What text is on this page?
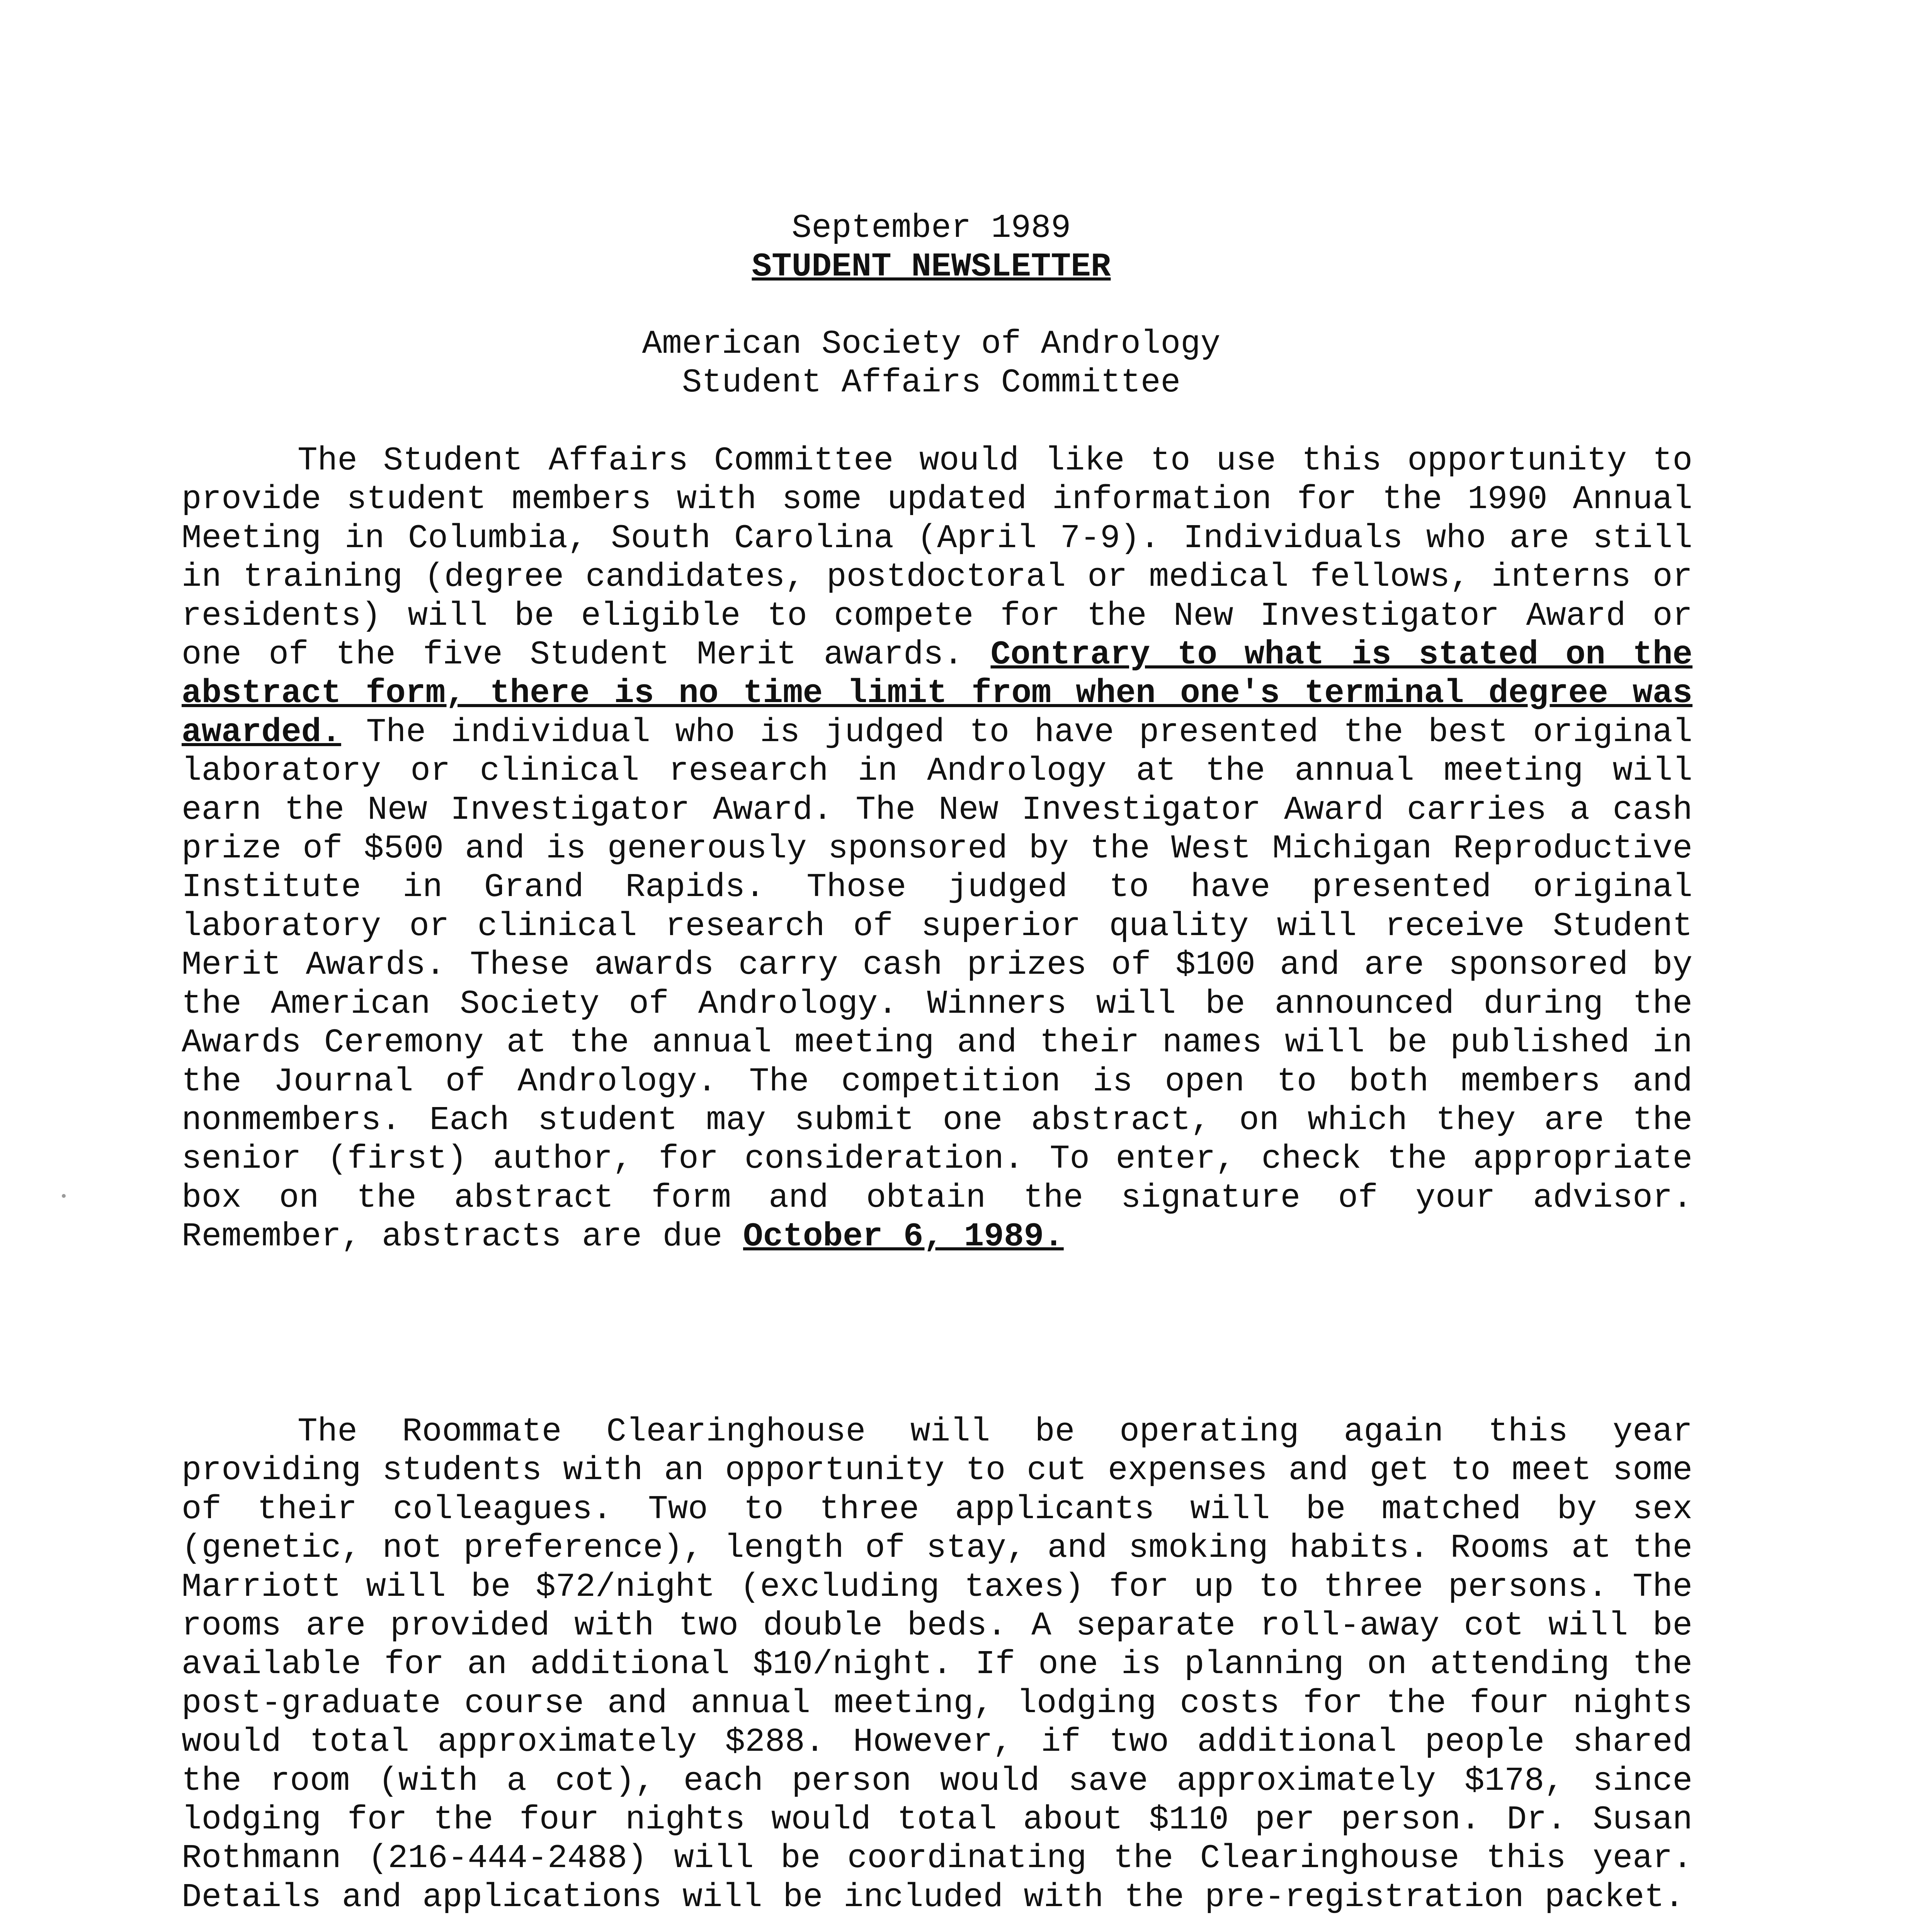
September 1989
STUDENT NEWSLETTER
American Society of Andrology
Student Affairs Committee
The Student Affairs Committee would like to use this opportunity to provide student members with some updated information for the 1990 Annual Meeting in Columbia, South Carolina (April 7-9). Individuals who are still in training (degree candidates, postdoctoral or medical fellows, interns or residents) will be eligible to compete for the New Investigator Award or one of the five Student Merit awards. Contrary to what is stated on the abstract form, there is no time limit from when one's terminal degree was awarded. The individual who is judged to have presented the best original laboratory or clinical research in Andrology at the annual meeting will earn the New Investigator Award. The New Investigator Award carries a cash prize of $500 and is generously sponsored by the West Michigan Reproductive Institute in Grand Rapids. Those judged to have presented original laboratory or clinical research of superior quality will receive Student Merit Awards. These awards carry cash prizes of $100 and are sponsored by the American Society of Andrology. Winners will be announced during the Awards Ceremony at the annual meeting and their names will be published in the Journal of Andrology. The competition is open to both members and nonmembers. Each student may submit one abstract, on which they are the senior (first) author, for consideration. To enter, check the appropriate box on the abstract form and obtain the signature of your advisor. Remember, abstracts are due October 6, 1989.
The Roommate Clearinghouse will be operating again this year providing students with an opportunity to cut expenses and get to meet some of their colleagues. Two to three applicants will be matched by sex (genetic, not preference), length of stay, and smoking habits. Rooms at the Marriott will be $72/night (excluding taxes) for up to three persons. The rooms are provided with two double beds. A separate roll-away cot will be available for an additional $10/night. If one is planning on attending the post-graduate course and annual meeting, lodging costs for the four nights would total approximately $288. However, if two additional people shared the room (with a cot), each person would save approximately $178, since lodging for the four nights would total about $110 per person. Dr. Susan Rothmann (216-444-2488) will be coordinating the Clearinghouse this year. Details and applications will be included with the pre-registration packet.
